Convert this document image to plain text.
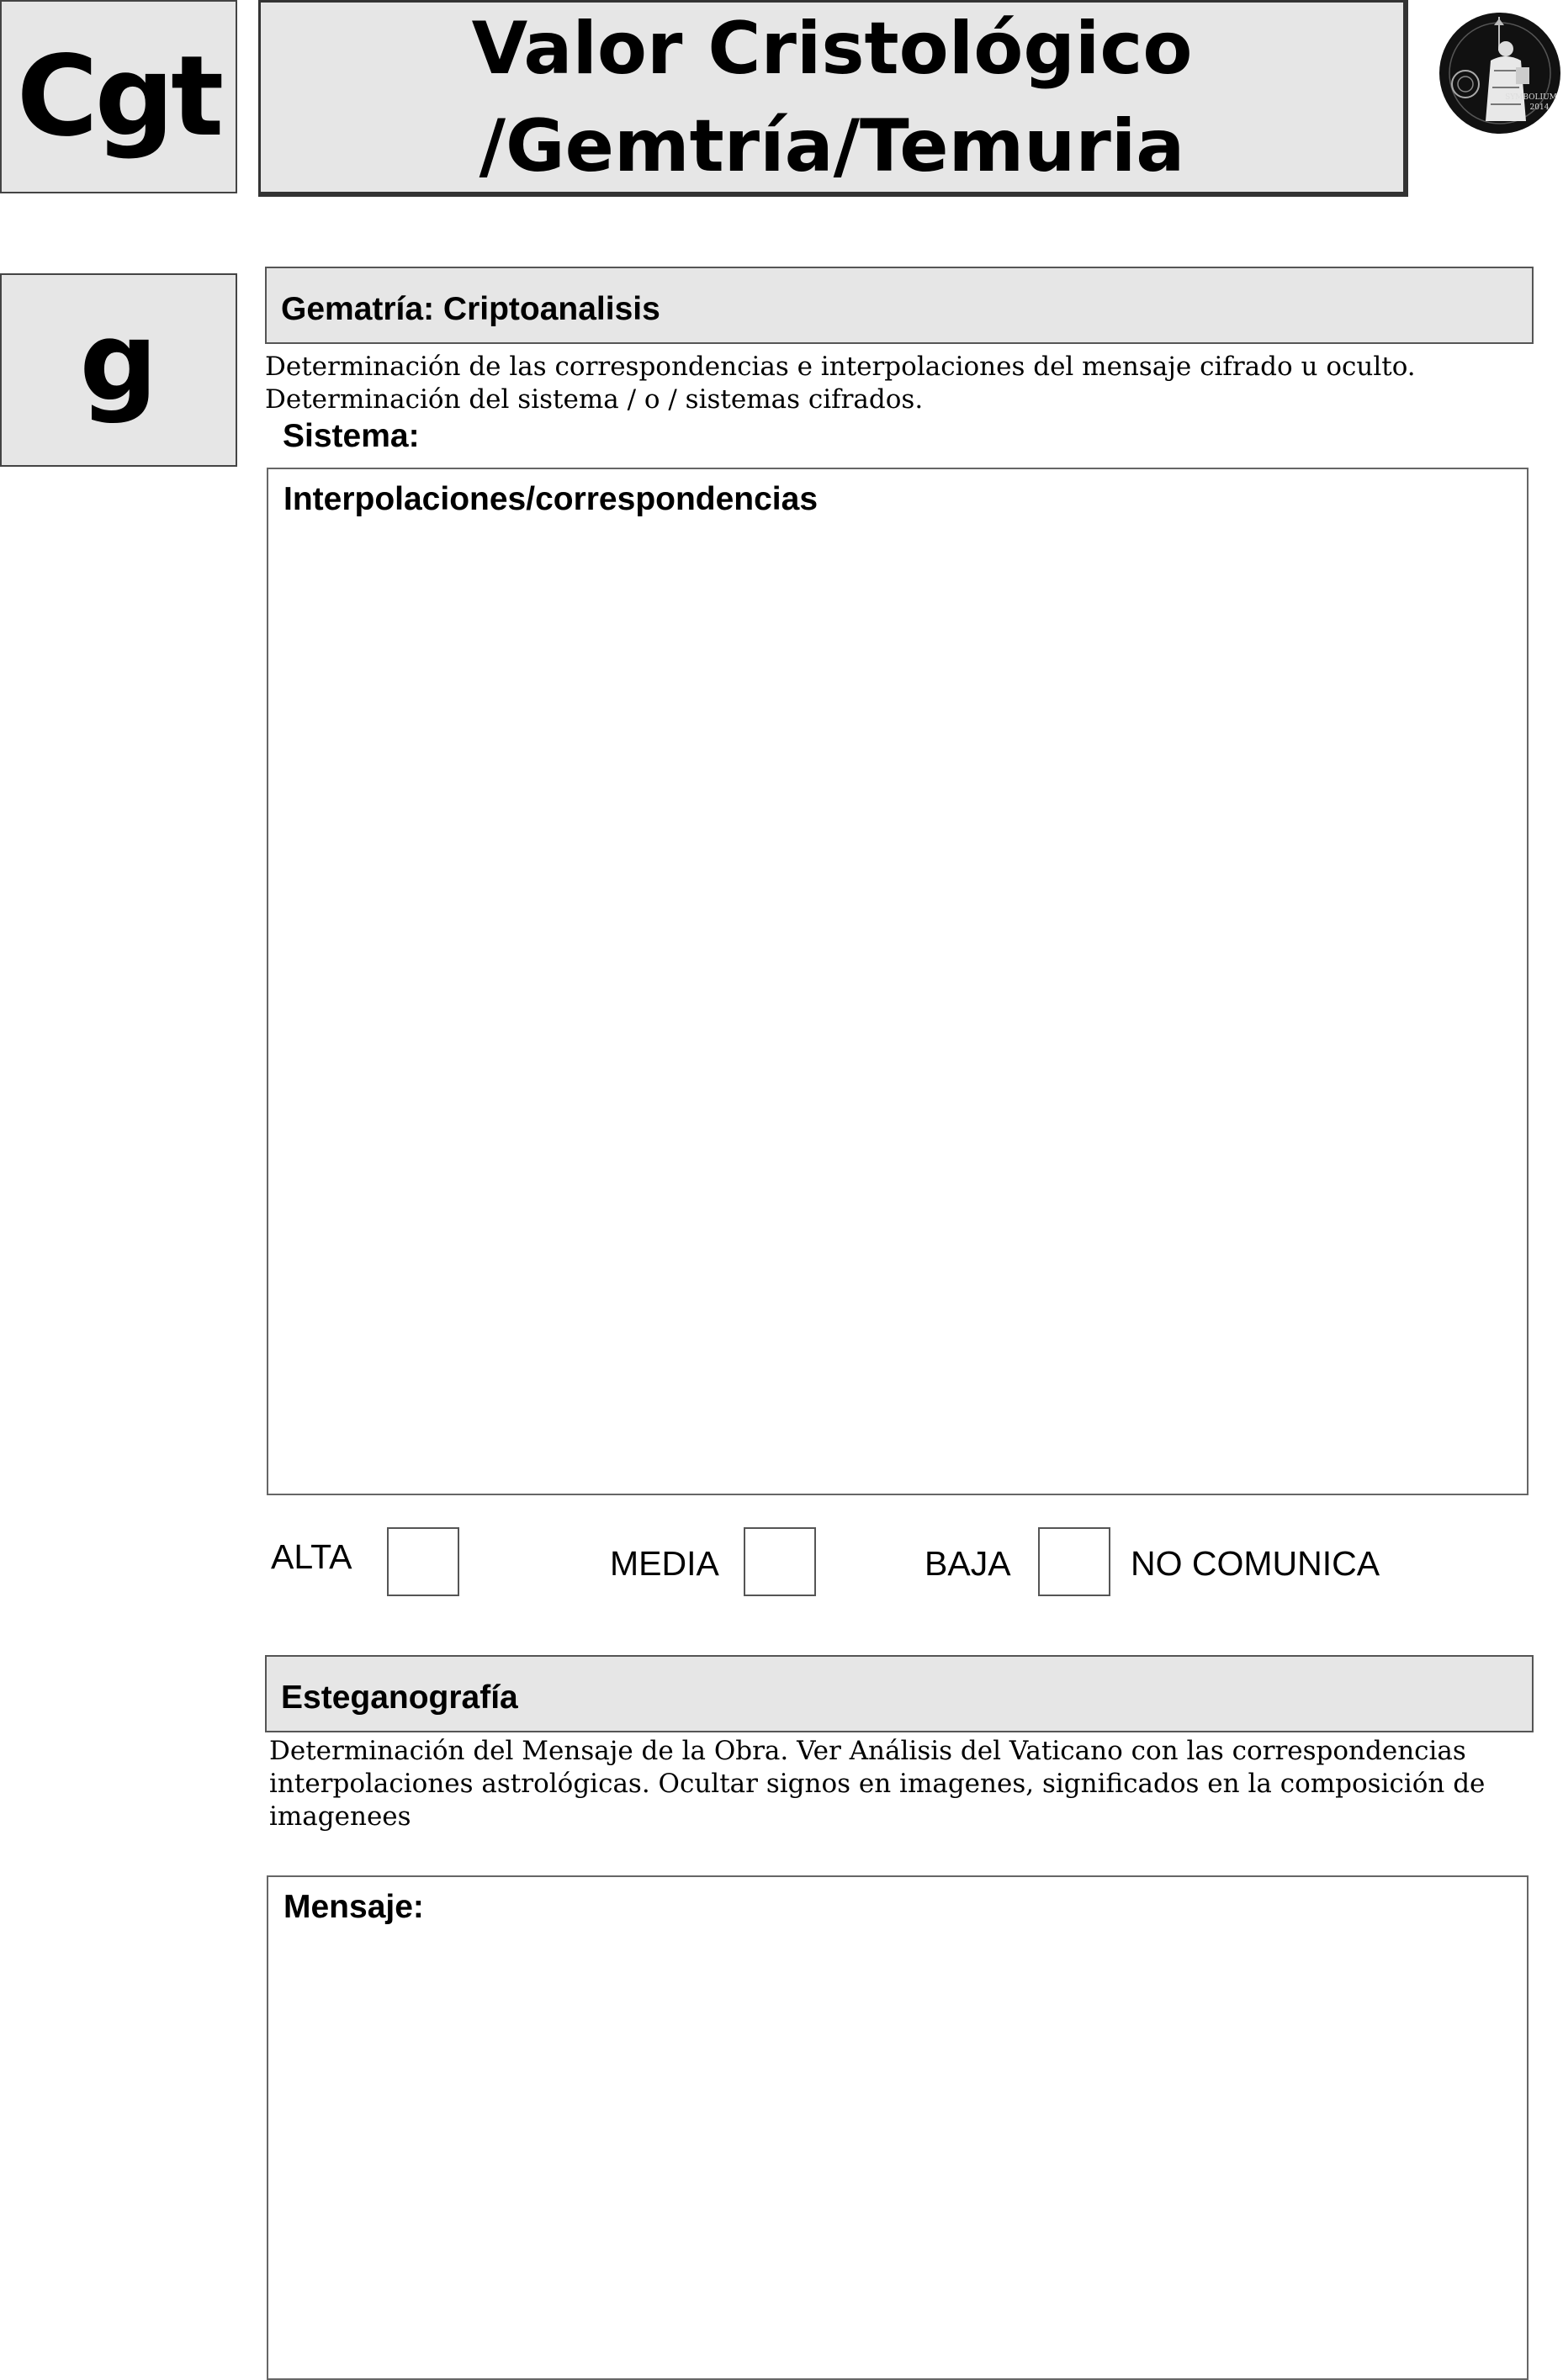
Cgt	Valor Cristológico
/Gemtría/Temuria
SYMBOLIUM
2014
g	Gematría: Criptoanalisis
Determinación de las correspondencias e interpolaciones del mensaje cifrado u oculto.
Determinación del sistema / o / sistemas cifrados.
Sistema:
Interpolaciones/correspondencias
ALTA	MEDIA	BAJA	NO COMUNICA
Esteganografía
Determinación del Mensaje de la Obra. Ver Análisis del Vaticano con las correspondencias interpolaciones astrológicas. Ocultar signos en imagenes, significados en la composición de imagenees
Mensaje:
